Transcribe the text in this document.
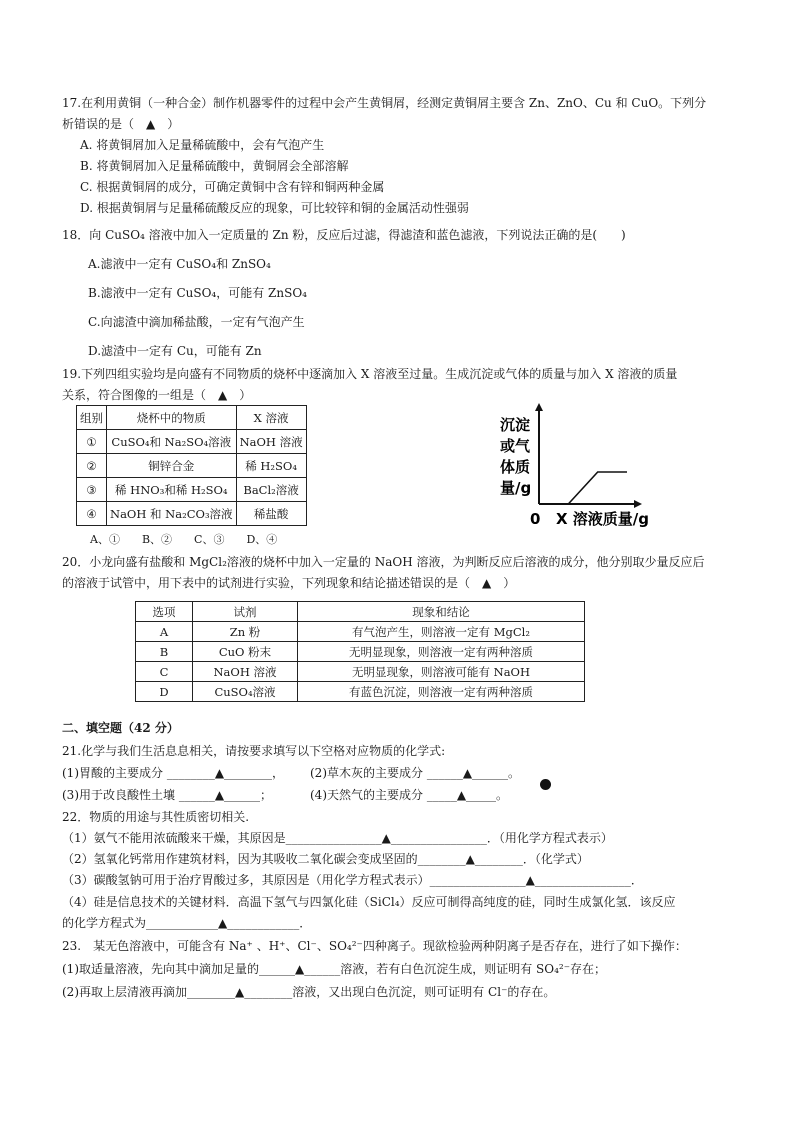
17.在利用黄铜（一种合金）制作机器零件的过程中会产生黄铜屑，经测定黄铜屑主要含 Zn、ZnO、Cu 和 CuO。下列分
析错误的是（　▲　）
A. 将黄铜屑加入足量稀硫酸中，会有气泡产生
B. 将黄铜屑加入足量稀硫酸中，黄铜屑会全部溶解
C. 根据黄铜屑的成分，可确定黄铜中含有锌和铜两种金属
D. 根据黄铜屑与足量稀硫酸反应的现象，可比较锌和铜的金属活动性强弱
18．向 CuSO₄ 溶液中加入一定质量的 Zn 粉，反应后过滤，得滤渣和蓝色滤液，下列说法正确的是(　　)
A.滤液中一定有 CuSO₄和 ZnSO₄
B.滤液中一定有 CuSO₄，可能有 ZnSO₄
C.向滤渣中滴加稀盐酸，一定有气泡产生
D.滤渣中一定有 Cu，可能有 Zn
19.下列四组实验均是向盛有不同物质的烧杯中逐滴加入 X 溶液至过量。生成沉淀或气体的质量与加入 X 溶液的质量
关系，符合图像的一组是（　▲　）
组别	烧杯中的物质	X 溶液
①	CuSO₄和 Na₂SO₄溶液	NaOH 溶液
②	铜锌合金	稀 H₂SO₄
③	稀 HNO₃和稀 H₂SO₄	BaCl₂溶液
④	NaOH 和 Na₂CO₃溶液	稀盐酸
A、①　　B、②　　C、③　　D、④
沉淀
或气
体质
量/g
0 X 溶液质量/g
20．小龙向盛有盐酸和 MgCl₂溶液的烧杯中加入一定量的 NaOH 溶液，为判断反应后溶液的成分，他分别取少量反应后
的溶液于试管中，用下表中的试剂进行实验，下列现象和结论描述错误的是（　▲　）
选项	试剂	现象和结论
A	Zn 粉	有气泡产生，则溶液一定有 MgCl₂
B	CuO 粉末	无明显现象，则溶液一定有两种溶质
C	NaOH 溶液	无明显现象，则溶液可能有 NaOH
D	CuSO₄溶液	有蓝色沉淀，则溶液一定有两种溶质
二、填空题（42 分）
21.化学与我们生活息息相关，请按要求填写以下空格对应物质的化学式:
(1)胃酸的主要成分 ________▲________， (2)草木灰的主要成分 ______▲______。
(3)用于改良酸性土壤 ______▲______；	(4)天然气的主要成分 _____▲_____。
22．物质的用途与其性质密切相关.
（1）氨气不能用浓硫酸来干燥，其原因是________________▲________________．（用化学方程式表示）
（2）氢氧化钙常用作建筑材料，因为其吸收二氧化碳会变成坚固的________▲________．（化学式）
（3）碳酸氢钠可用于治疗胃酸过多，其原因是（用化学方程式表示）________________▲________________．
（4）硅是信息技术的关键材料．高温下氢气与四氯化硅（SiCl₄）反应可制得高纯度的硅，同时生成氯化氢．该反应
的化学方程式为____________▲____________．
23.　某无色溶液中，可能含有 Na⁺ 、H⁺、Cl⁻、SO₄²⁻四种离子。现欲检验两种阴离子是否存在，进行了如下操作：
(1)取适量溶液，先向其中滴加足量的______▲______溶液，若有白色沉淀生成，则证明有 SO₄²⁻存在；
(2)再取上层清液再滴加________▲________溶液，又出现白色沉淀，则可证明有 Cl⁻的存在。
